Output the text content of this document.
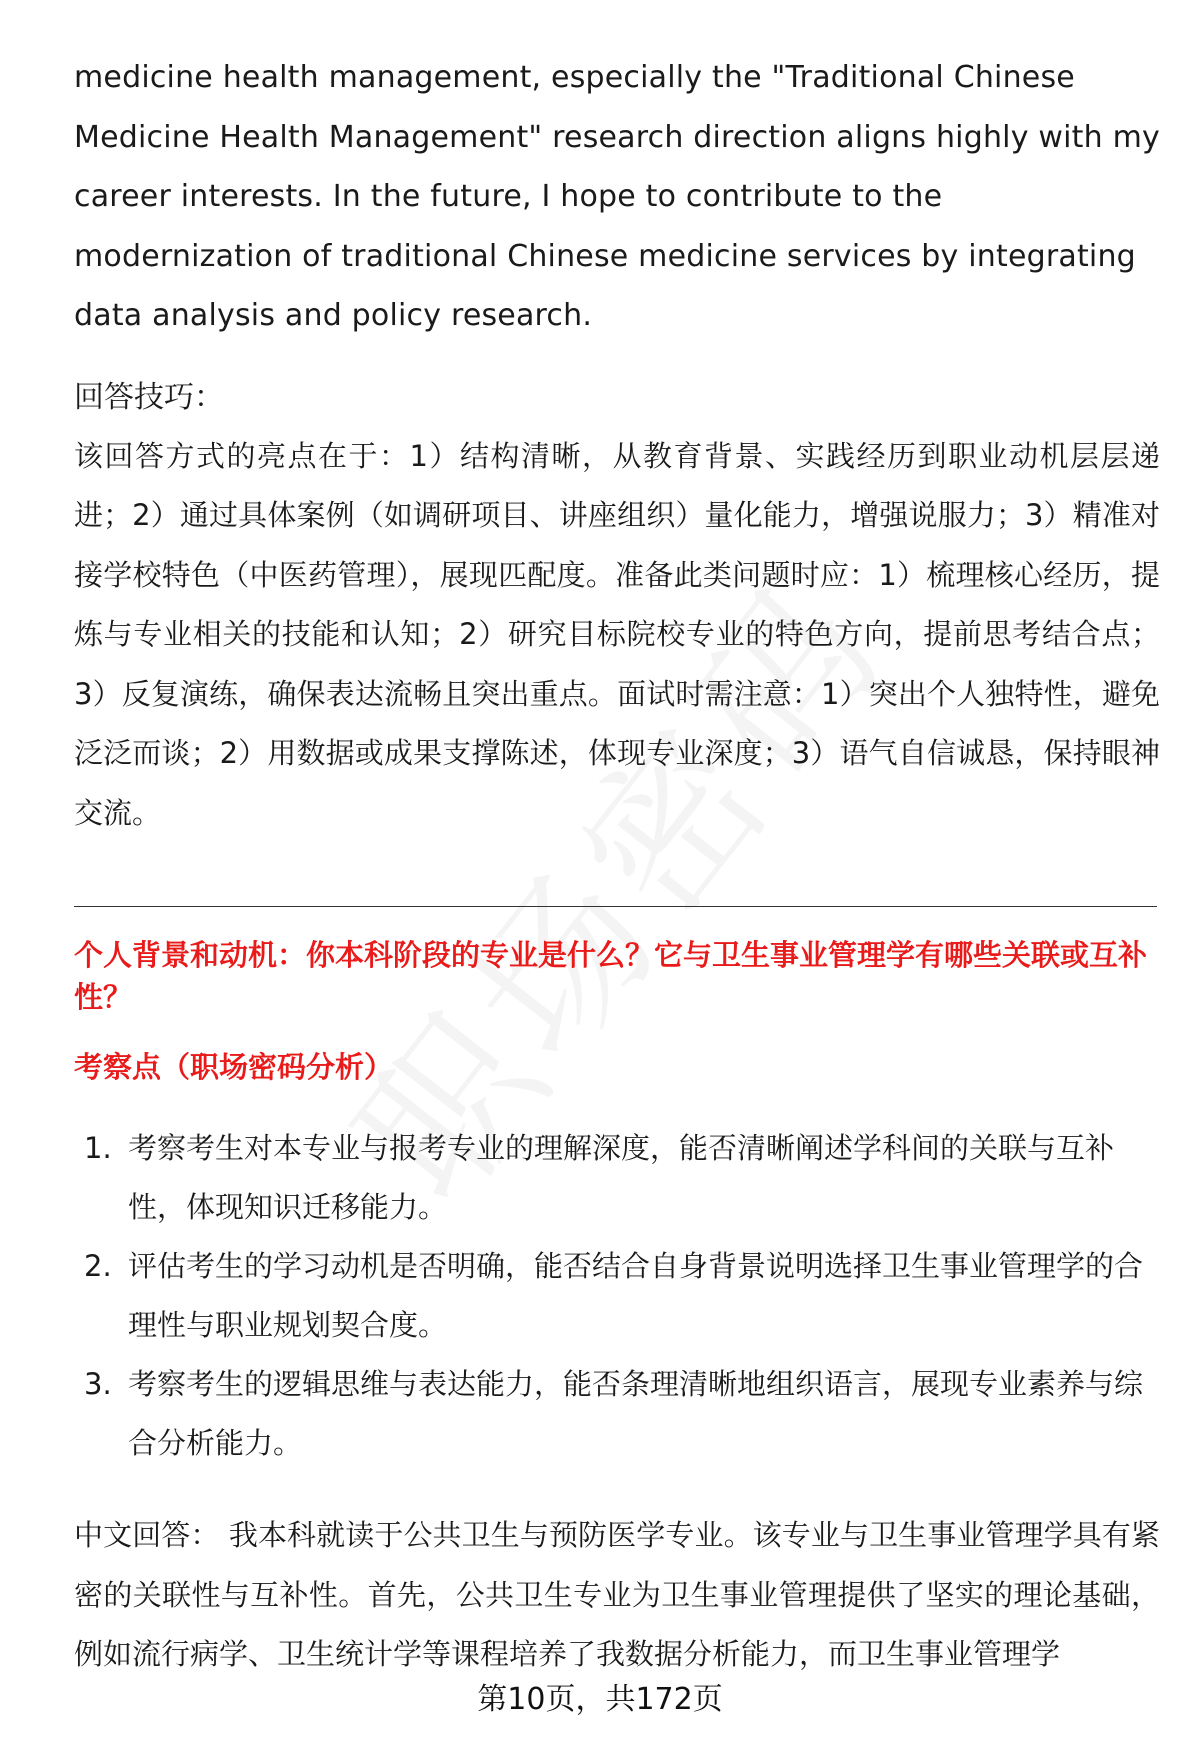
medicine health management, especially the "Traditional Chinese Medicine Health Management" research direction aligns highly with my career interests. In the future, I hope to contribute to the modernization of traditional Chinese medicine services by integrating data analysis and policy research.

回答技巧：

该回答方式的亮点在于：1）结构清晰，从教育背景、实践经历到职业动机层层递进；2）通过具体案例（如调研项目、讲座组织）量化能力，增强说服力；3）精准对接学校特色（中医药管理），展现匹配度。准备此类问题时应：1）梳理核心经历，提炼与专业相关的技能和认知；2）研究目标院校专业的特色方向，提前思考结合点；3）反复演练，确保表达流畅且突出重点。面试时需注意：1）突出个人独特性，避免泛泛而谈；2）用数据或成果支撑陈述，体现专业深度；3）语气自信诚恳，保持眼神交流。

个人背景和动机：你本科阶段的专业是什么？它与卫生事业管理学有哪些关联或互补性？

考察点（职场密码分析）

1. 考察考生对本专业与报考专业的理解深度，能否清晰阐述学科间的关联与互补性，体现知识迁移能力。
2. 评估考生的学习动机是否明确，能否结合自身背景说明选择卫生事业管理学的合理性与职业规划契合度。
3. 考察考生的逻辑思维与表达能力，能否条理清晰地组织语言，展现专业素养与综合分析能力。

中文回答： 我本科就读于公共卫生与预防医学专业。该专业与卫生事业管理学具有紧密的关联性与互补性。首先，公共卫生专业为卫生事业管理提供了坚实的理论基础，例如流行病学、卫生统计学等课程培养了我数据分析能力，而卫生事业管理学

第10页，共172页
